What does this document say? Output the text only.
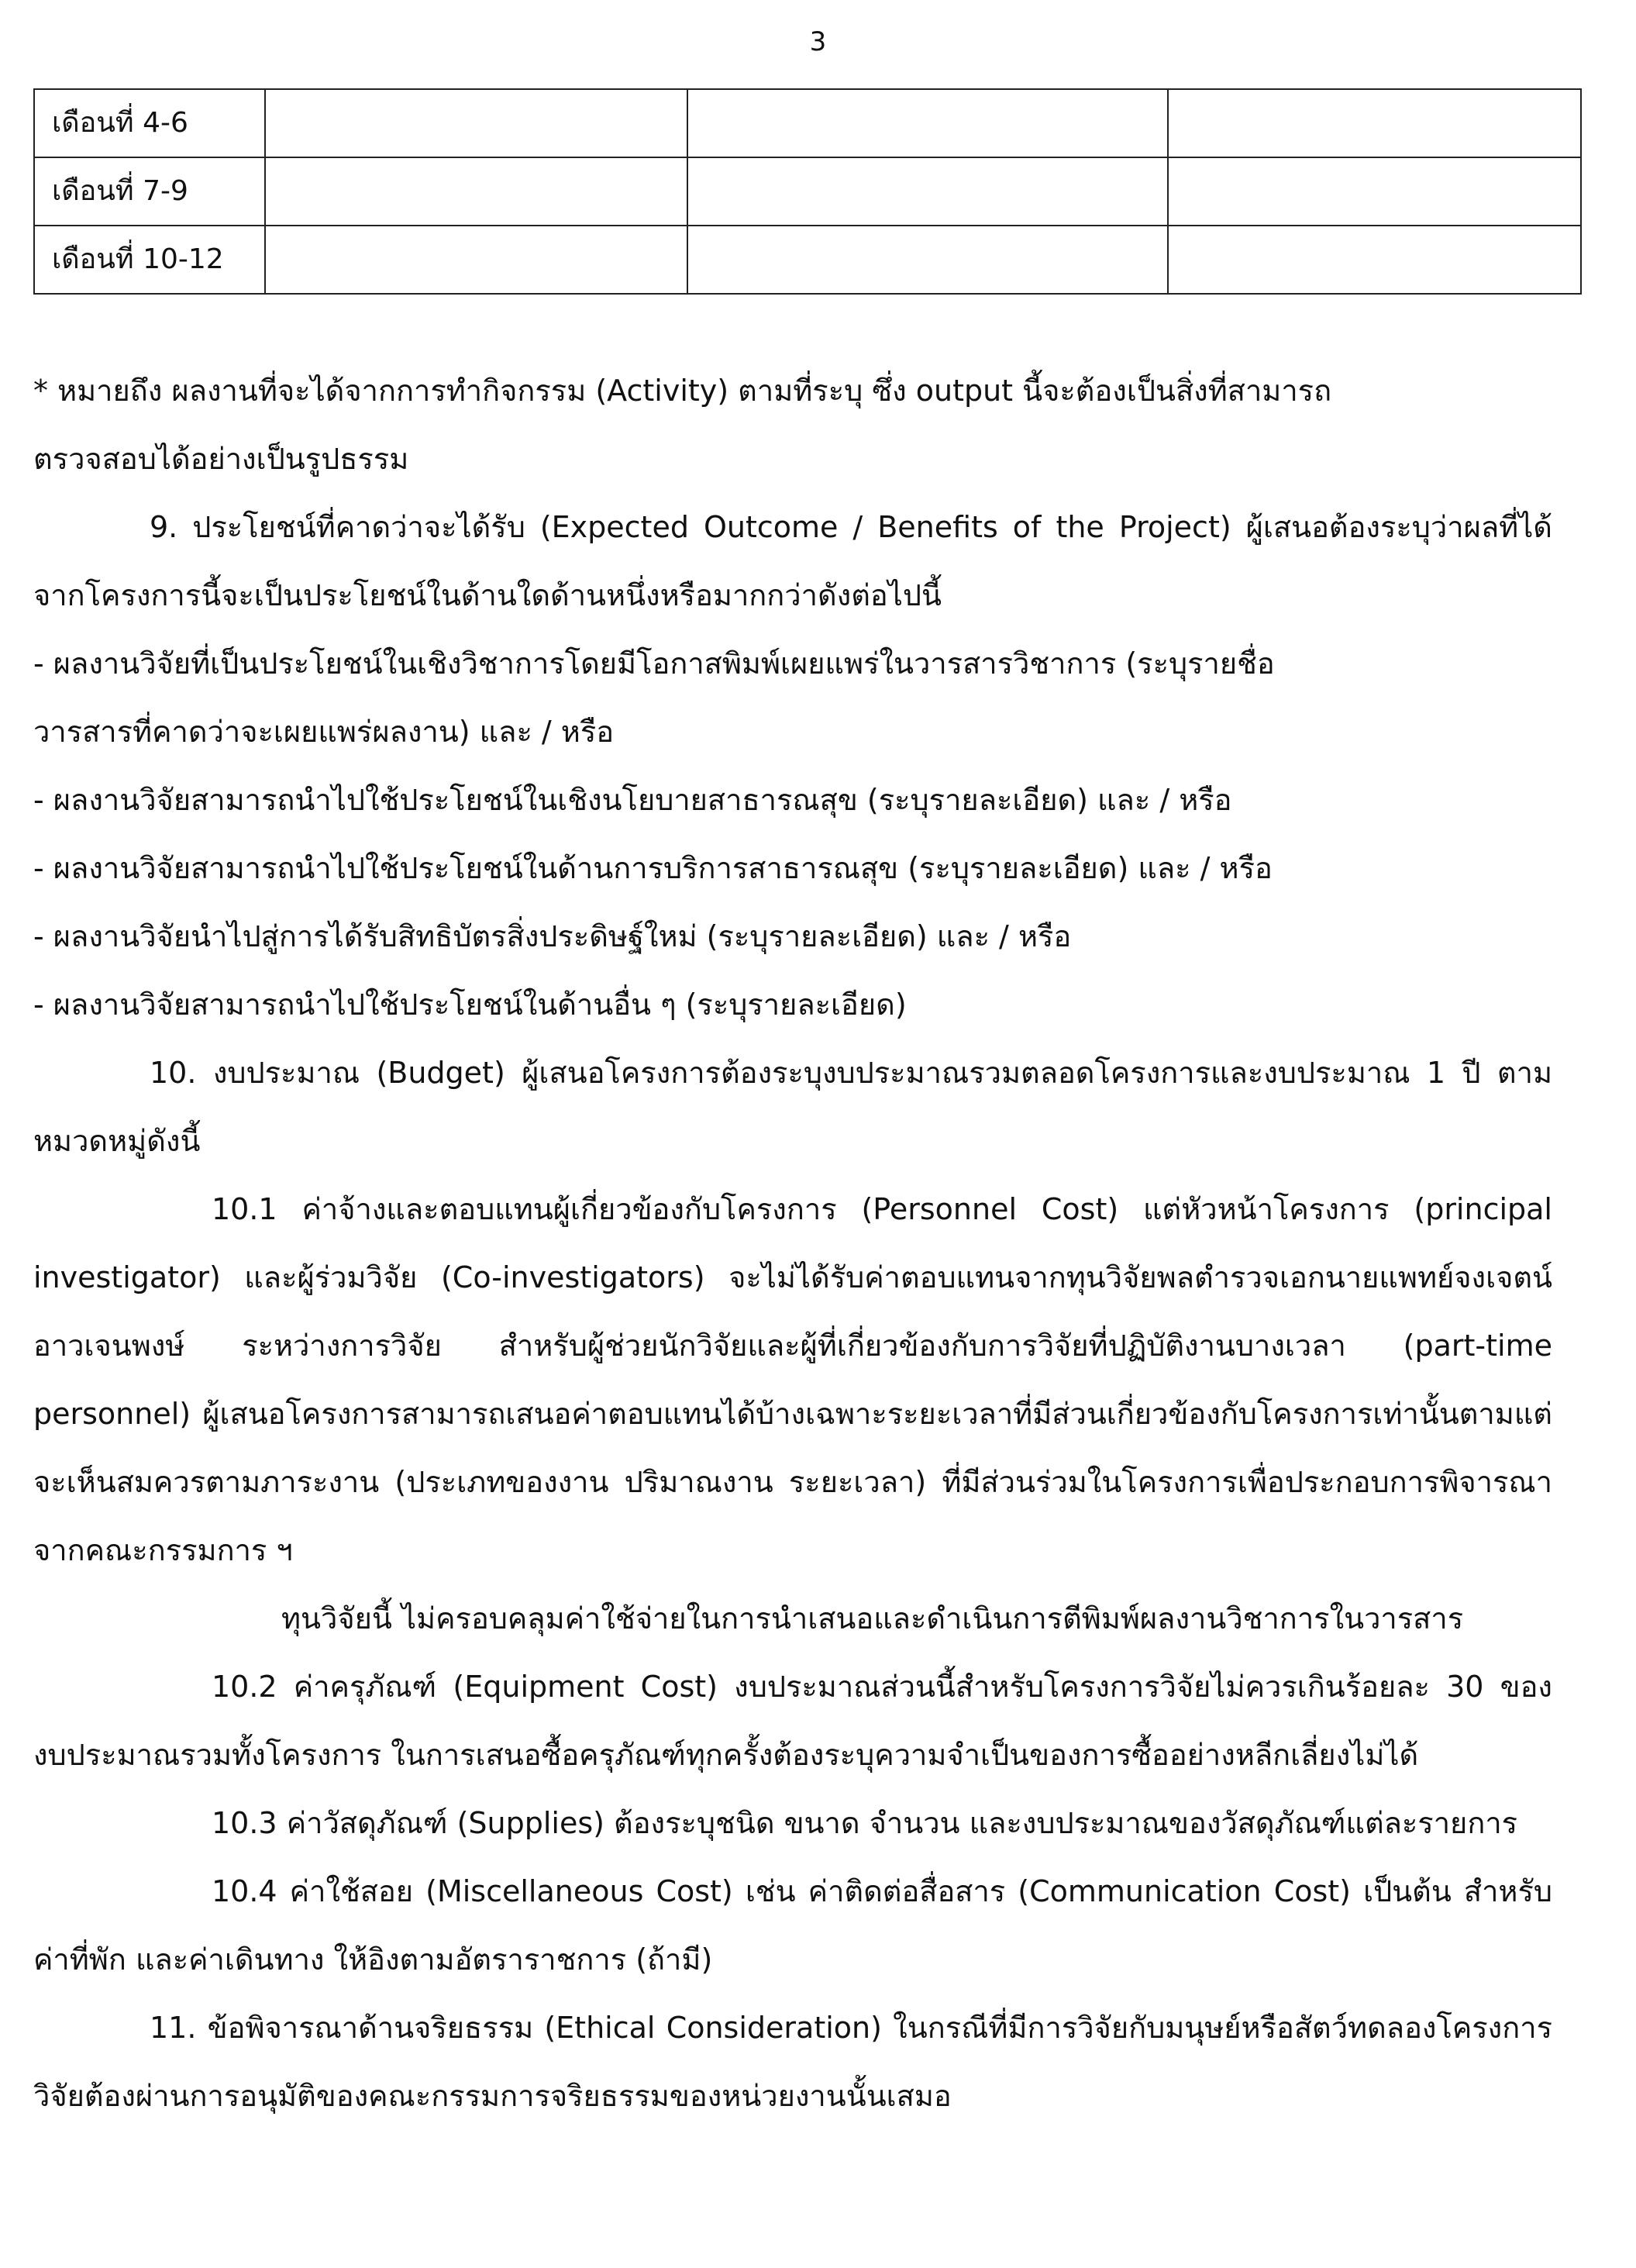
3
เดือนที่ 4-6			
เดือนที่ 7-9			
เดือนที่ 10-12			

* หมายถึง ผลงานที่จะได้จากการทำกิจกรรม (Activity) ตามที่ระบุ ซึ่ง output นี้จะต้องเป็นสิ่งที่สามารถ

ตรวจสอบได้อย่างเป็นรูปธรรม

9. ประโยชน์ที่คาดว่าจะได้รับ (Expected Outcome / Benefits of the Project) ผู้เสนอต้องระบุว่าผลที่ได้จากโครงการนี้จะเป็นประโยชน์ในด้านใดด้านหนึ่งหรือมากกว่าดังต่อไปนี้

- ผลงานวิจัยที่เป็นประโยชน์ในเชิงวิชาการโดยมีโอกาสพิมพ์เผยแพร่ในวารสารวิชาการ (ระบุรายชื่อ

วารสารที่คาดว่าจะเผยแพร่ผลงาน) และ / หรือ

- ผลงานวิจัยสามารถนำไปใช้ประโยชน์ในเชิงนโยบายสาธารณสุข (ระบุรายละเอียด) และ / หรือ

- ผลงานวิจัยสามารถนำไปใช้ประโยชน์ในด้านการบริการสาธารณสุข (ระบุรายละเอียด) และ / หรือ

- ผลงานวิจัยนำไปสู่การได้รับสิทธิบัตรสิ่งประดิษฐ์ใหม่ (ระบุรายละเอียด) และ / หรือ

- ผลงานวิจัยสามารถนำไปใช้ประโยชน์ในด้านอื่น ๆ (ระบุรายละเอียด)

10. งบประมาณ (Budget) ผู้เสนอโครงการต้องระบุงบประมาณรวมตลอดโครงการและงบประมาณ 1 ปี ตามหมวดหมู่ดังนี้

10.1 ค่าจ้างและตอบแทนผู้เกี่ยวข้องกับโครงการ (Personnel Cost) แต่หัวหน้าโครงการ (principal investigator) และผู้ร่วมวิจัย (Co-investigators) จะไม่ได้รับค่าตอบแทนจากทุนวิจัยพลตำรวจเอกนายแพทย์จงเจตน์ อาวเจนพงษ์ ระหว่างการวิจัย สำหรับผู้ช่วยนักวิจัยและผู้ที่เกี่ยวข้องกับการวิจัยที่ปฏิบัติงานบางเวลา (part-time personnel) ผู้เสนอโครงการสามารถเสนอค่าตอบแทนได้บ้างเฉพาะระยะเวลาที่มีส่วนเกี่ยวข้องกับโครงการเท่านั้นตามแต่จะเห็นสมควรตามภาระงาน (ประเภทของงาน ปริมาณงาน ระยะเวลา) ที่มีส่วนร่วมในโครงการเพื่อประกอบการพิจารณาจากคณะกรรมการ ฯ

ทุนวิจัยนี้ ไม่ครอบคลุมค่าใช้จ่ายในการนำเสนอและดำเนินการตีพิมพ์ผลงานวิชาการในวารสาร

10.2 ค่าครุภัณฑ์ (Equipment Cost) งบประมาณส่วนนี้สำหรับโครงการวิจัยไม่ควรเกินร้อยละ 30 ของ งบประมาณรวมทั้งโครงการ ในการเสนอซื้อครุภัณฑ์ทุกครั้งต้องระบุความจำเป็นของการซื้ออย่างหลีกเลี่ยงไม่ได้

10.3 ค่าวัสดุภัณฑ์ (Supplies) ต้องระบุชนิด ขนาด จำนวน และงบประมาณของวัสดุภัณฑ์แต่ละรายการ

10.4 ค่าใช้สอย (Miscellaneous Cost) เช่น ค่าติดต่อสื่อสาร (Communication Cost) เป็นต้น สำหรับค่าที่พัก และค่าเดินทาง ให้อิงตามอัตราราชการ (ถ้ามี)

11. ข้อพิจารณาด้านจริยธรรม (Ethical Consideration) ในกรณีที่มีการวิจัยกับมนุษย์หรือสัตว์ทดลองโครงการวิจัยต้องผ่านการอนุมัติของคณะกรรมการจริยธรรมของหน่วยงานนั้นเสมอ
